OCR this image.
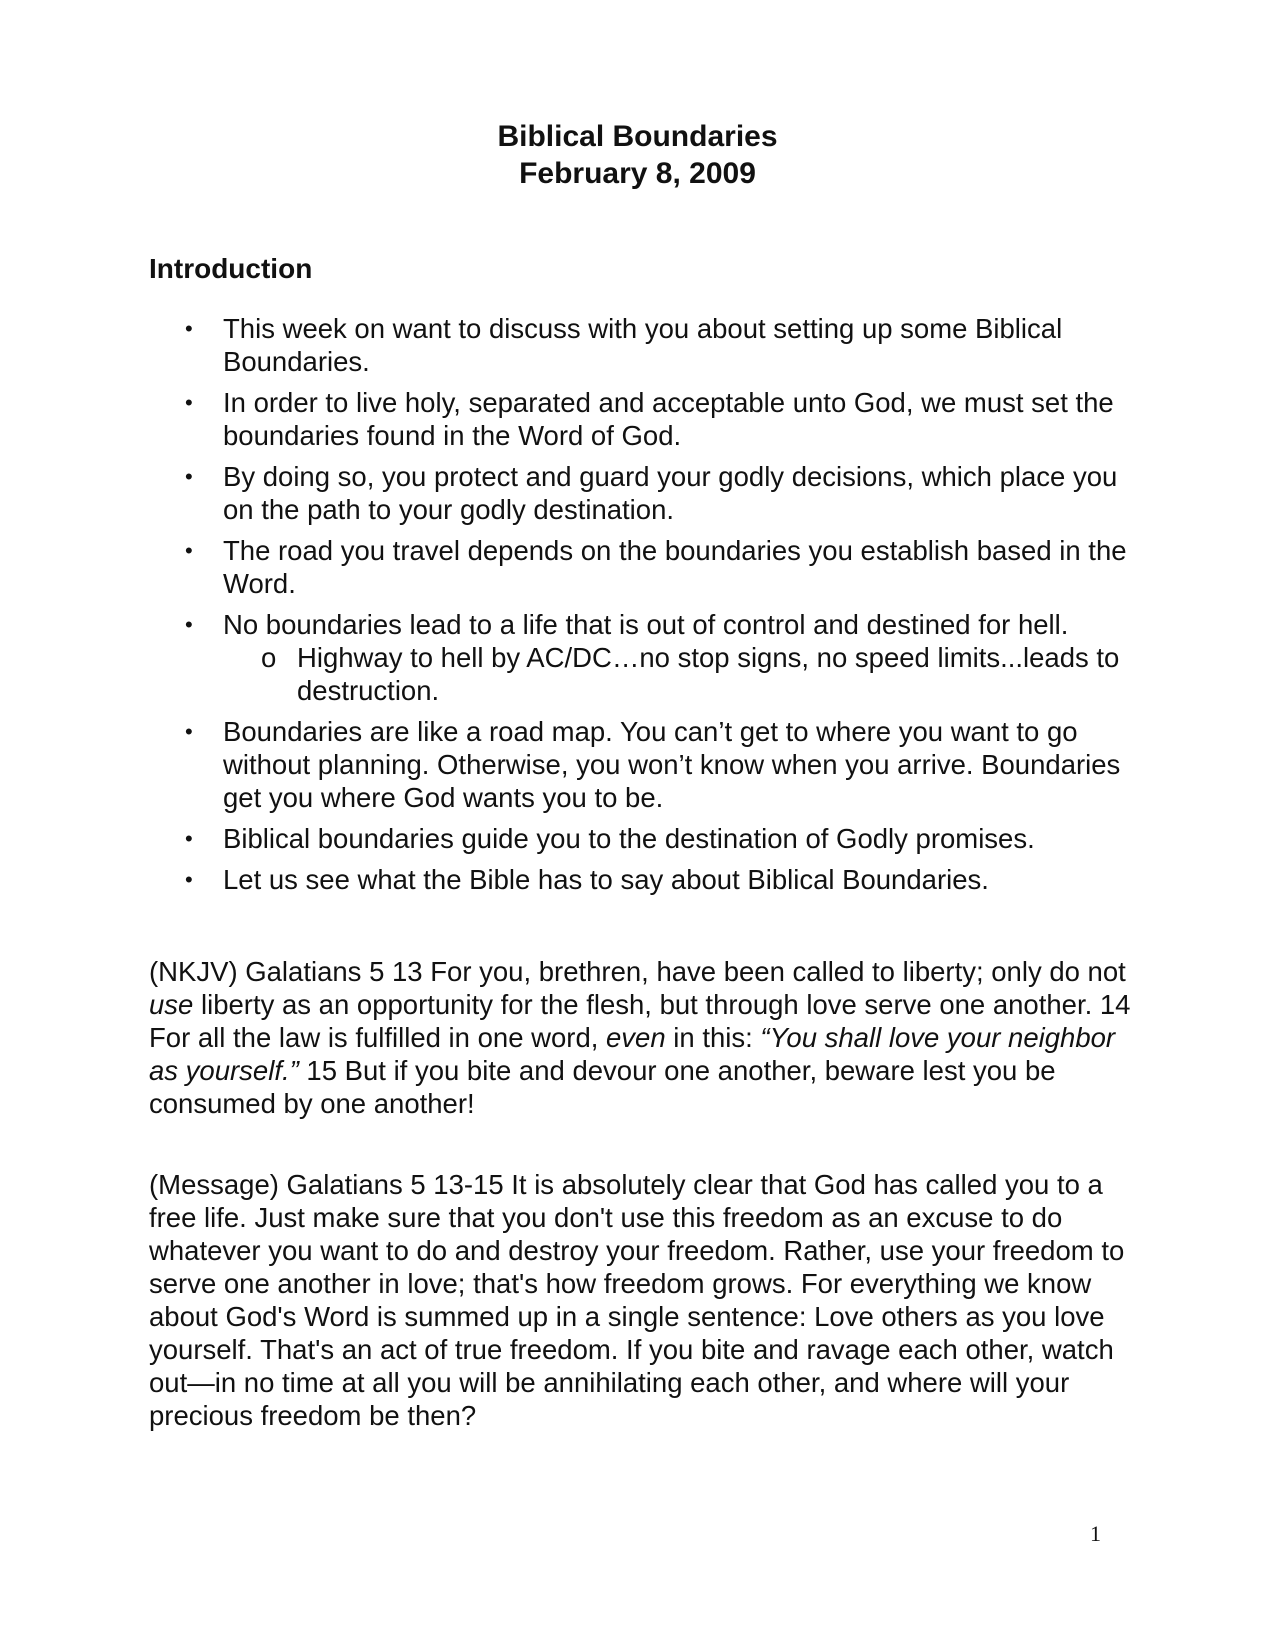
Biblical Boundaries
February 8, 2009
Introduction
• This week on want to discuss with you about setting up some Biblical Boundaries.
• In order to live holy, separated and acceptable unto God, we must set the boundaries found in the Word of God.
• By doing so, you protect and guard your godly decisions, which place you on the path to your godly destination.
• The road you travel depends on the boundaries you establish based in the Word.
• No boundaries lead to a life that is out of control and destined for hell.
o Highway to hell by AC/DC…no stop signs, no speed limits...leads to destruction.
• Boundaries are like a road map. You can’t get to where you want to go without planning. Otherwise, you won’t know when you arrive. Boundaries get you where God wants you to be.
• Biblical boundaries guide you to the destination of Godly promises.
• Let us see what the Bible has to say about Biblical Boundaries.

(NKJV) Galatians 5 13 For you, brethren, have been called to liberty; only do not use liberty as an opportunity for the flesh, but through love serve one another. 14 For all the law is fulfilled in one word, even in this: “You shall love your neighbor as yourself.” 15 But if you bite and devour one another, beware lest you be consumed by one another!

(Message) Galatians 5 13-15 It is absolutely clear that God has called you to a free life. Just make sure that you don't use this freedom as an excuse to do whatever you want to do and destroy your freedom. Rather, use your freedom to serve one another in love; that's how freedom grows. For everything we know about God's Word is summed up in a single sentence: Love others as you love yourself. That's an act of true freedom. If you bite and ravage each other, watch out—in no time at all you will be annihilating each other, and where will your precious freedom be then?

1
